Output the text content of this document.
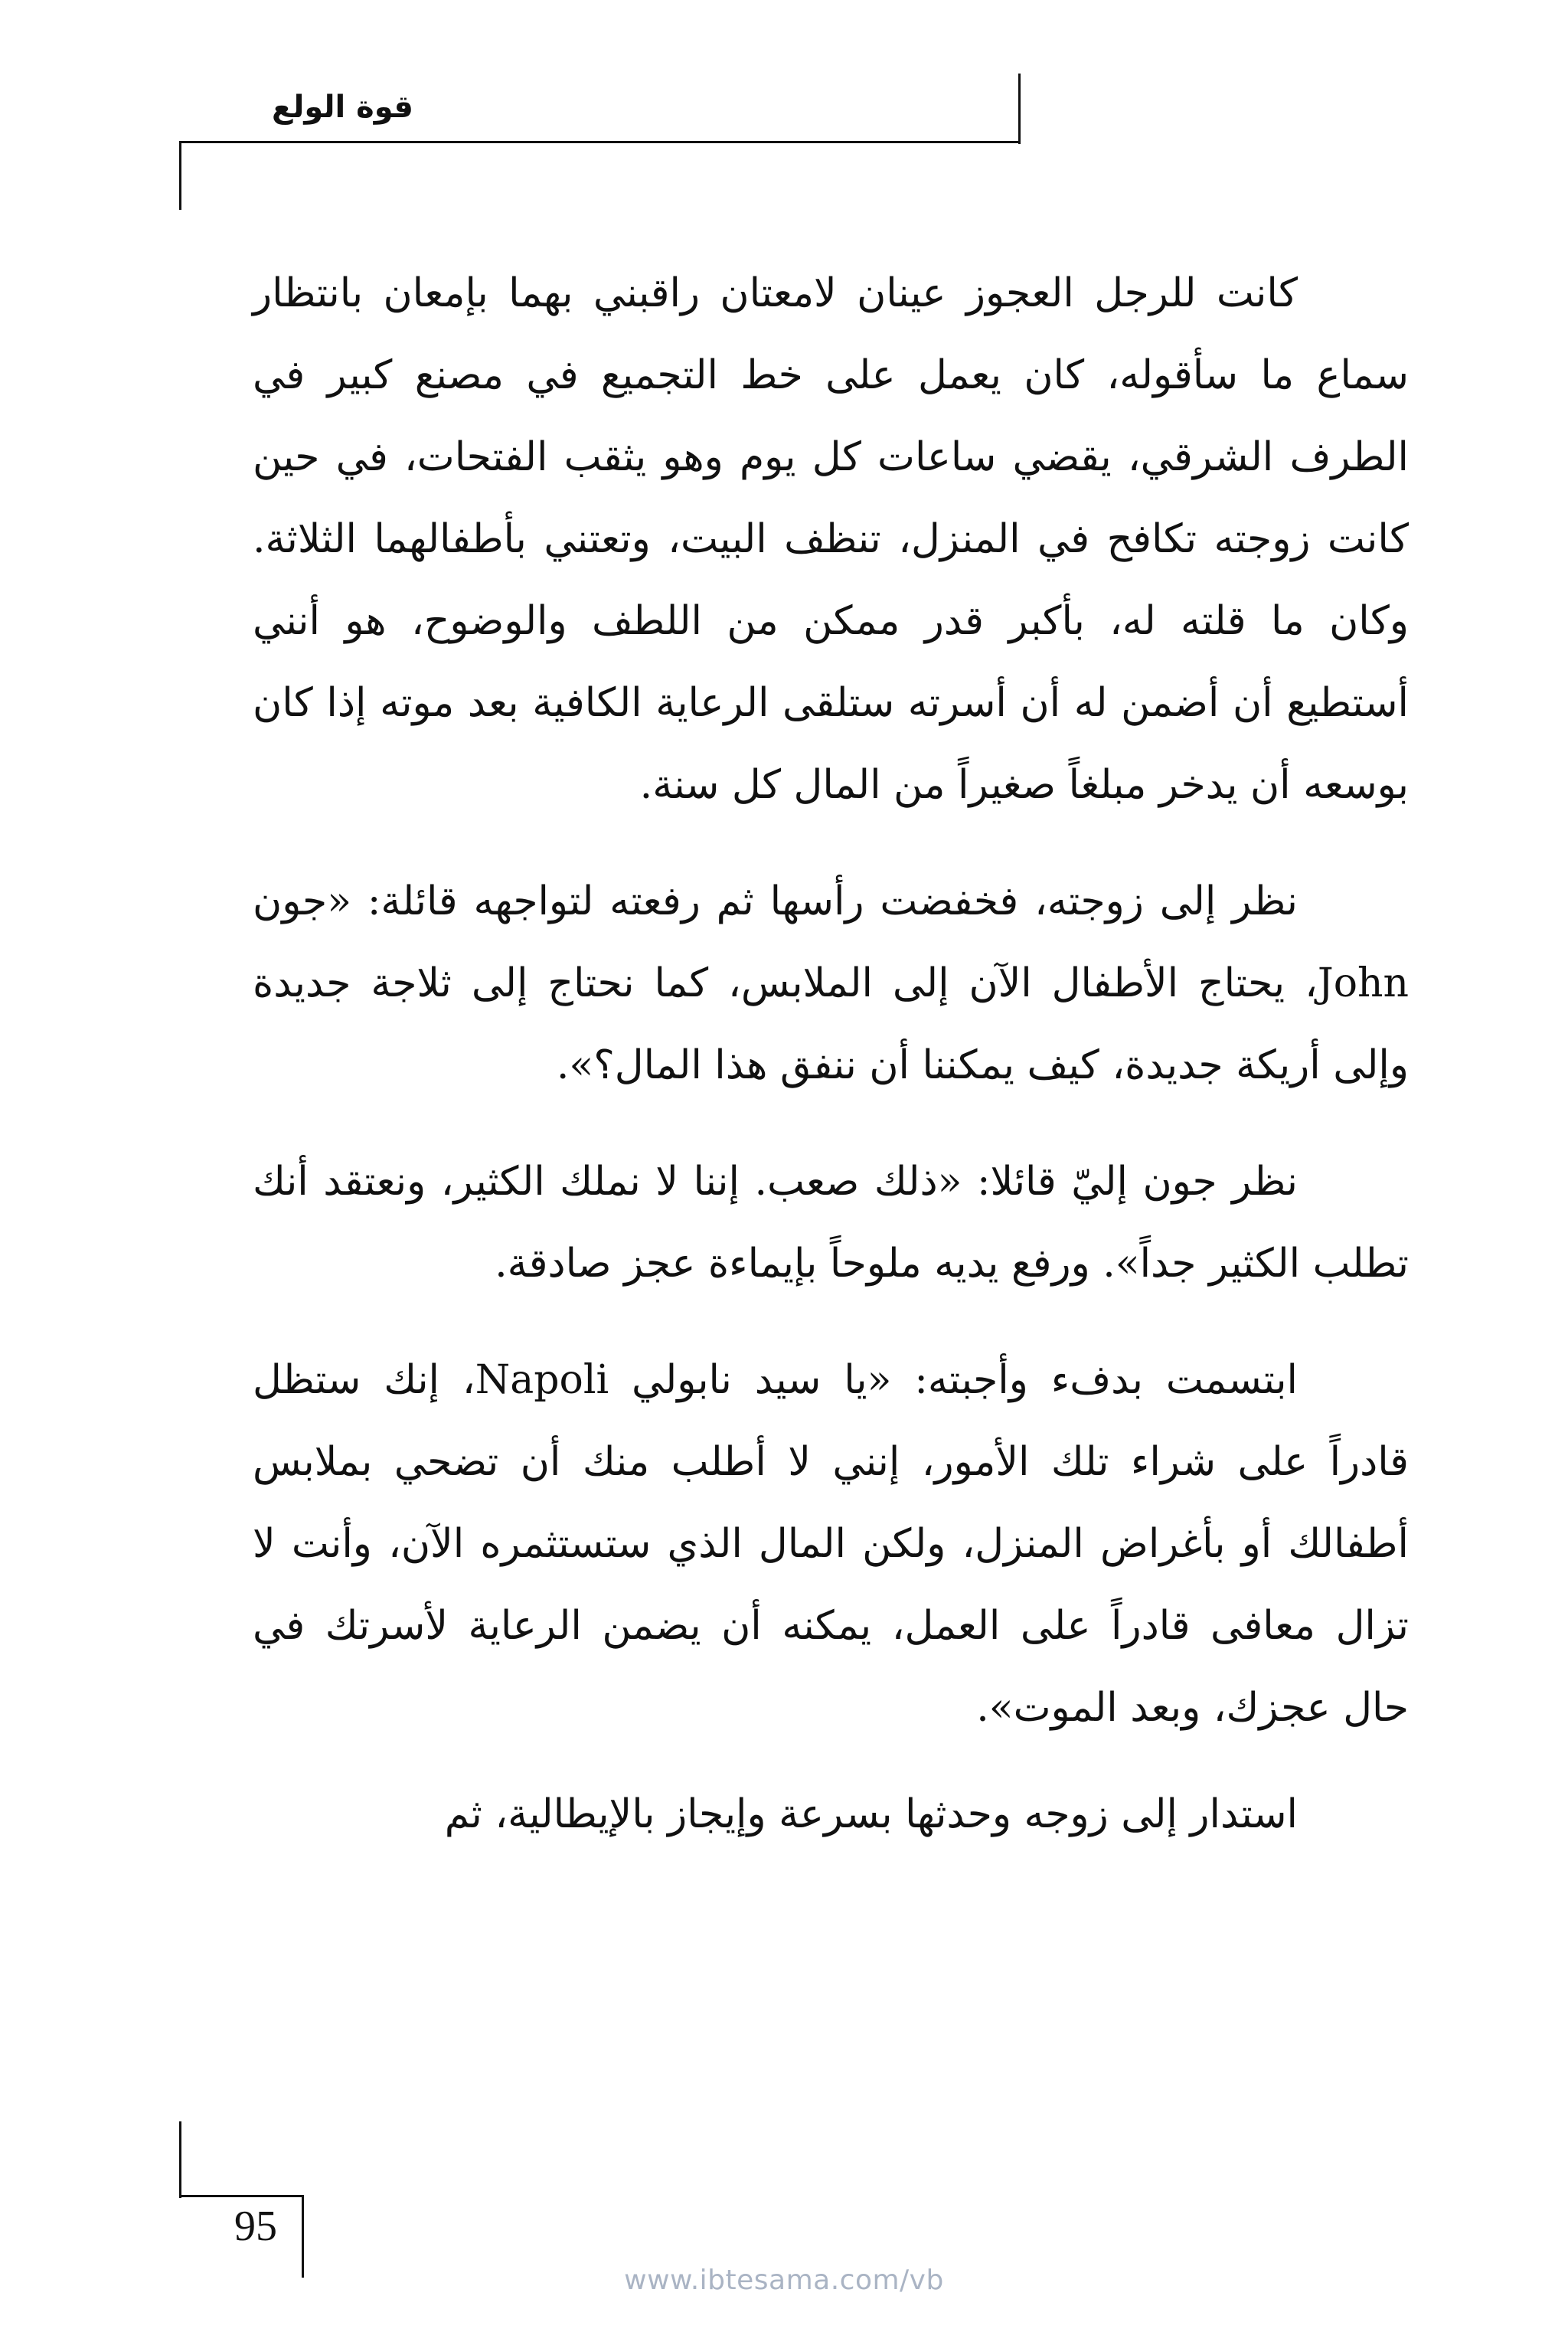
قوة الولع

كانت للرجل العجوز عينان لامعتان راقبني بهما بإمعان بانتظار سماع ما سأقوله، كان يعمل على خط التجميع في مصنع كبير في الطرف الشرقي، يقضي ساعات كل يوم وهو يثقب الفتحات، في حين كانت زوجته تكافح في المنزل، تنظف البيت، وتعتني بأطفالهما الثلاثة. وكان ما قلته له، بأكبر قدر ممكن من اللطف والوضوح، هو أنني أستطيع أن أضمن له أن أسرته ستلقى الرعاية الكافية بعد موته إذا كان بوسعه أن يدخر مبلغاً صغيراً من المال كل سنة.

نظر إلى زوجته، فخفضت رأسها ثم رفعته لتواجهه قائلة: «جون John، يحتاج الأطفال الآن إلى الملابس، كما نحتاج إلى ثلاجة جديدة وإلى أريكة جديدة، كيف يمكننا أن ننفق هذا المال؟».

نظر جون إليّ قائلا: «ذلك صعب. إننا لا نملك الكثير، ونعتقد أنك تطلب الكثير جداً». ورفع يديه ملوحاً بإيماءة عجز صادقة.

ابتسمت بدفء وأجبته: «يا سيد نابولي Napoli، إنك ستظل قادراً على شراء تلك الأمور، إنني لا أطلب منك أن تضحي بملابس أطفالك أو بأغراض المنزل، ولكن المال الذي ستستثمره الآن، وأنت لا تزال معافى قادراً على العمل، يمكنه أن يضمن الرعاية لأسرتك في حال عجزك، وبعد الموت».

استدار إلى زوجه وحدثها بسرعة وإيجاز بالإيطالية، ثم

95
www.ibtesama.com/vb
